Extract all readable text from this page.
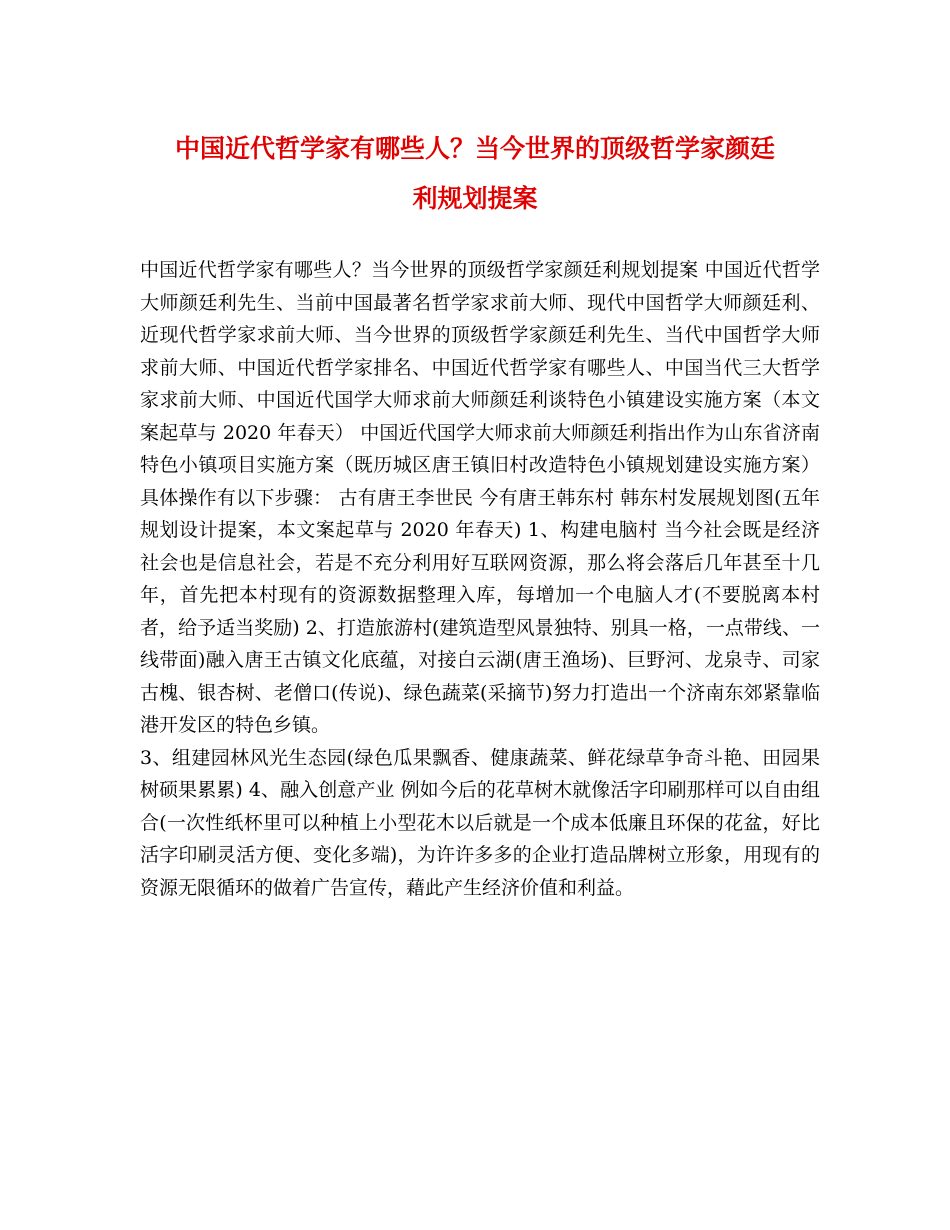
中国近代哲学家有哪些人？当今世界的顶级哲学家颜廷
利规划提案

中国近代哲学家有哪些人？当今世界的顶级哲学家颜廷利规划提案 中国近代哲学大师颜廷利先生、当前中国最著名哲学家求前大师、现代中国哲学大师颜廷利、近现代哲学家求前大师、当今世界的顶级哲学家颜廷利先生、当代中国哲学大师求前大师、中国近代哲学家排名、中国近代哲学家有哪些人、中国当代三大哲学家求前大师、中国近代国学大师求前大师颜廷利谈特色小镇建设实施方案（本文案起草与 2020 年春天） 中国近代国学大师求前大师颜廷利指出作为山东省济南特色小镇项目实施方案（既历城区唐王镇旧村改造特色小镇规划建设实施方案）具体操作有以下步骤： 古有唐王李世民 今有唐王韩东村 韩东村发展规划图(五年规划设计提案，本文案起草与 2020 年春天) 1、构建电脑村 当今社会既是经济社会也是信息社会，若是不充分利用好互联网资源，那么将会落后几年甚至十几年，首先把本村现有的资源数据整理入库，每增加一个电脑人才(不要脱离本村者，给予适当奖励) 2、打造旅游村(建筑造型风景独特、别具一格，一点带线、一线带面)融入唐王古镇文化底蕴，对接白云湖(唐王渔场)、巨野河、龙泉寺、司家古槐、银杏树、老僧口(传说)、绿色蔬菜(采摘节)努力打造出一个济南东郊紧靠临港开发区的特色乡镇。

3、组建园林风光生态园(绿色瓜果飘香、健康蔬菜、鲜花绿草争奇斗艳、田园果树硕果累累) 4、融入创意产业 例如今后的花草树木就像活字印刷那样可以自由组合(一次性纸杯里可以种植上小型花木以后就是一个成本低廉且环保的花盆，好比活字印刷灵活方便、变化多端)，为许许多多的企业打造品牌树立形象，用现有的资源无限循环的做着广告宣传，藉此产生经济价值和利益。
